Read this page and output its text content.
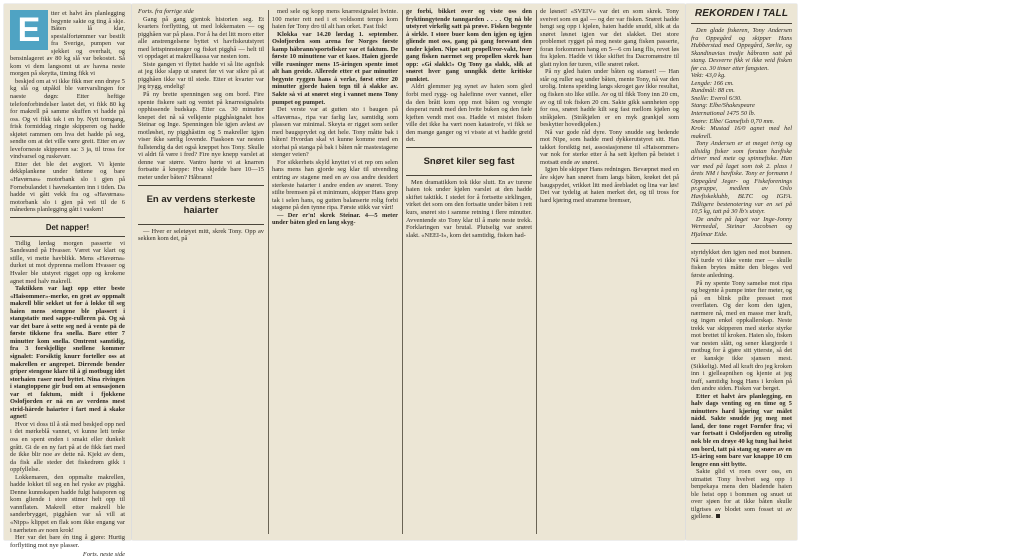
E	tter et halvt års planlegging begynte sakte og ting å skje. Båten lå klar, spesialfortømmer var bestilt fra Sverige, pumpen var sjekket og overhalt, og bensinlageret av 80 kg slå var bekostet. Så kom vi dem langsomt ut av havna neste morgen på skeytta, timing fikk vi

beskjed om at vi ikke fikk mer enn drøye 5 kg slå og utpåkil ble værvarslingen for naeste døgn: Etter heftige telefonforbindelser lastet det, vi fikk 80 kg for makrell på samme skuffen vi hadde på oss. Og vi fikk tak i en by. Nytt tomgang, frisk formiddag ringte skipperen og hadde skjøtet rammen om hva det hadde på seg, sendte om at det ville være greit. Etter en av leveforneste skipperen sa: 3 ja, til tross for vindvarsel og ruskevær.

Etter det ble det avgjort. Vi kjente dekkplankene under føttene og bare «Havørnas» motorbank slo i gjen på Fornebulandet i havnekanten inn i tiden. Da hadde vi gått vekk fra og «Havørnas» motorbank slo i gjen på vei til de 6 månedens planlegging gått i vasken!

Det napper!

Tidlig lørdag morgen passerte vi Sandesund på Hvasser. Været var klart og stille, vi mette havblikk. Mens «Havørna» durket ut mot dyprenna mellom Hvasser og Hvaler ble utstyret rigget opp og krokene agnet med halv makrell.

Taktikken var lagt opp etter beste «Haisommer»-merke, en grøt av oppmalt makrell blir sekket ut for å lokke til seg haien mens stengene ble plassert i stangstativ med sappe-rulleren på. Og så var det bare å sette seg ned å vente på de første tikkene fra snella. Bare etter 7 minutter kom snella. Omtrent samtidig, fra 3 forskjellige snellene kommer signalet: Forsiktig knurr forteller oss at makrellen er angrepet. Dirrende bender griper stengene klare til å gi motbugg idet storhaien raser med byttet. Nina rivingen i stangtoppene gir bud om at sensasjonen var et faktum, midt i fjokkene Oslofjorden er nå en av verdens mest strid-hårede haiarter i fart med å skake agnet!

Hvor vi doss til å stå med beskjed opp ned i det mørkeblå vannet, vi kunne lett tenke oss en spent enden i smakt eller dunkelt grått. Gi de en ny fart på at de fikk fart med de ikke blir noe av dette nå. Kjekt av dem, da fisk alle steder det fiskedrøm gikk i oppfyllelse.

Lokkemaren, den oppmalte makrellen, hadde lokket til seg en hel ryske av pigghå. Denne kunnskapen hadde fulgt haisporen og kom gliende i store stimer helt opp til vannflaten. Makrell etter makrell ble sanderbrygget, pigghåen var så vill at «Nipp» klippet en flak som ikke engang var i nærheten av noen krok!

Her var det bare én ting å gjøre: Hurtig forflytting mot nye plasser.

Forts. neste side

Forts. fra forrige side

Gang på gang gjentok historien seg. Et kvarters forflytting, ut med lokkematen — og pigghåen var på plass. For å ha det litt moro etter alle anstrengelsene byttet vi havfiskeutstyret med lettspinnstenger og fisket pigghå — helt til vi oppdaget at makrellkassa var nesten tom.

Siste gangen vi flyttet hadde vi så lite agnfisk at jeg ikke slapp ut snøret før vi var sikre på at pigghåen ikke var til stede. Etter et kvarter var jeg trygg, endelig!

På ny brette spenningen seg om bord. Fire spente fiskere satt og ventet på knarresignalets opphissende budskap. Etter ca. 30 minutter knepet det nå så velkjente pigghåsignalet hos Steinar og Inge. Spenningen ble igjen avløst av motløshet, ny pigghåstim og 5 makreller igjen viser ikke særlig lovende. Fiaskoen var nesten fullstendig da det også kneppet hos Tony. Skulle vi aldri få være i fred? Fire nye knepp varslet at denne var større. Vantro hørte vi at knarren fortsatte å kneppe: Hva skjedde bare 10—15 meter under båten? Håbrann!

En av verdens sterkeste haiarter

— Hver er seletøyet mitt, skrek Tony. Opp av sekken kom det, på

med sele og kopp mens knarresignalet hvinte. 100 meter rett ned i et voldsomt tempo kom haien før Tony dro til alt han orket. Fast fisk!

Klokka var 14.20 lørdag 1. september. Oslofjorden som arena for Norges første kamp håbrann/sportsfisker var et faktum. De første 10 minuttene var et kaos. Haien gjorde ville rusninger mens 15-åringen spente imot alt han greide. Allerede etter et par minutter begynte ryggen hans å verke, først etter 20 minutter gjorde haien tegn til å slakke av. Sakte så vi at snøret steg i vannet mens Tony pumpet og pumpet.

Det verste var at gutten sto i baugen på «Havørna», ripa var farlig lav, samtidig som plassen var minimal. Skeyta er rigget som seiler med baugsprydet og det hele. Tony måtte bak i båten! Hvordan skal vi kunne komme med en storhai på stanga på bak i båten når mastestagene stenger veien?

For sikkerhets skyld knyttet vi et rep om selen hans mens han gjorde seg klar til utvending entring av stagene med en av oss andre desidert sterkeste haiarter i andre enden av snøret. Tony stilte bremsen på et minimum, skipper Hans grep tak i selen hans, og gutten balanserte rolig forbi stagene på den tynne ripa. Første stikk var vårt!

— Der er'n! skrek Steinar. 4—5 meter under båten gled en lang skyg-

ge forbi, bikket over og viste oss den fryktinngytende tanngarden . . . . Og nå ble utstyret virkelig satt på prøve. Fisken begynte å sirkle. I store buer kom den igjen og igjen gliende mot oss, gang på gang forsvant den under kjølen. Nipe satt propell/ror-vakt, hver gang fisken nærmet seg propellen skrek han opp: «Gi slakk!» Og Tony ga slakk, slik at snøret hver gang unngikk dette kritiske punktet.

Aldri glemmer jeg synet av haien som gled forbi med rygg- og halefinne over vannet, eller da den brått kom opp mot båten og vrengte desperat rundt med den hvite buken og den fæle kjeften vendt mot oss. Hadde vi mistet fisken ville det ikke ha vært noen katastrofe, vi fikk se den mange ganger og vi visste at vi hadde greid det.

Snøret kiler seg fast

Men dramatikken tok ikke slutt. En av turene haien tok under kjølen varslet at den hadde skiftet taktikk. I stedet for å fortsette sirklingen, virket det som om den fortsatte under båten i rett kurs, snøret sto i samme retning i flere minutter. Avventende sto Tony klar til å møte neste trekk. Forklaringen var brutal. Plutselig var snøret slakt. «NEEI-I», kom det samtidig, fisken had-

de løsnet! «SVEIV» var det en som skrek. Tony sveivet som en gal — og der var fisken. Snøret hadde hengt seg opp i kjølen, haien hadde snudd, slik at da snøret løsnet igjen var det slakket. Det store problemet rygget på meg neste gang fisken passerte, foran forkommen hang en 5—6 cm lang flis, revet løs fra kjølen. Hadde vi ikke skiftet fra Dacromønstre til glatt nylon før turen, ville snøret røket.

På ny gled haien under båten og stanset! — Han står og ruller seg under båten, mente Tony, nå var den urolig. Intens speiding langs skroget gav ikke resultat, og fisken sto like stille. Av og til fikk Tony inn 20 cm, av og til tok fisken 20 cm. Sakte gikk sannheten opp for oss, snøret hadde kilt seg fast mellom kjølen og stråkjølen. (Stråkjølen er en myk grankjøl som beskytter hovedkjølen.)

Nå var gode råd dyre. Tony snudde seg bedende mot Nipe, som hadde med dykkerutstyret sitt. Han takket forsiktig nei, assosiasjonene til «Haisommer» var nok for sterke etter å ha sett kjeften på beistet i motsatt ende av snøret.

Igjen ble skipper Hans redningen. Bevæpnet med en åre skjøv han snøret fram langs båten, krøket det på baugspydet, vrikket litt med årebladet og lina var løs! Det var tydelig at haien merket det, og til tross for hard kjøring med stramme bremser,

REKORDEN I TALL

Den glade fiskeren, Tony Andersen fra Oppegård og skipper Hans Hubberstad med Oppegård, Sørlie, og Skandinavias tredje håbrann satt på stang. Desverre fikk vi ikke veid fisken før ca. 30 timer etter fangsten.

Vekt: 43,0 kg.
Lengde: 166 cm.
Rundmål: 88 cm.
Snelle: Everol 6/30.
Stang: Elbe/Shakespeare
International 1475 50 lb.
Snøre: Elbe/ Gamefish 0,70 mm.
Krok: Mustad 16/0 agnet med hel makrell.

Tony Andersen er et meget ivrig og allsidig fisker som forutan havfiske driver med mete og spinnefiske. Han var med på laget som tok 2. plass i årets NM i havfiske. Tony er formann i Oppegård Jeger- og Fiskeforenings pr.gruppe, medlem av Oslo Havfiskeklubb, BLTC og IGFA. Tidligere bestenotering var en sei på 10,5 kg, tatt på 30 lb's utstyr.

De andre på laget var Inge-Jonny Wermedal, Steinar Jacobsen og Hjalmar Eide.

styrtdykket den igjen ned mot bunnen. Nå turde vi ikke vente mer — skulle fisken brytes måtte den bleges ved første anledning.

På ny spente Tony samelse mot ripa og begynte å pumpe inter fter meter, og på en blink pilte presset mot overflaten. Og der kom den igjen, nærmere nå, med en masse mer kraft, og ingen enkel oppkallerskap. Neste trekk var skipperen med sterke styrke mot brettet til kroken. Haien slo, fisken var nesten slått, og sener klargjorde i motbug for å gjøre sitt ytterste, så det er kanskje ikke sjansen mest. (Sikkelig). Med all kraft dro jeg kroken inn i gjelleapnihen og kjente at jeg traff, samtidig hogg Hans i kroken på den andre siden. Fisken var berget.

Etter et halvt års planlegging, en halv dags venting og en time og 5 minutters hard kjøring var målet nådd. Sakte snudde jeg meg mot land, der tone roget Fornfer fra; vi var fortsatt i Oslofjorden og utrolig nok ble en drøye 40 kg tung hai heist om bord, tatt på stang og snøre av en 15-åring som bare var knappe 10 cm lengre enn sitt bytte.

Sakte glid vi roen over oss, en utmattet Tony hvelvet seg opp i benpekaya mens den bladende haien ble heist opp i bommen og snuet ut over sjøen for at ikke båten skulle tilgrises av blodet som fosset ut av gjellene.
